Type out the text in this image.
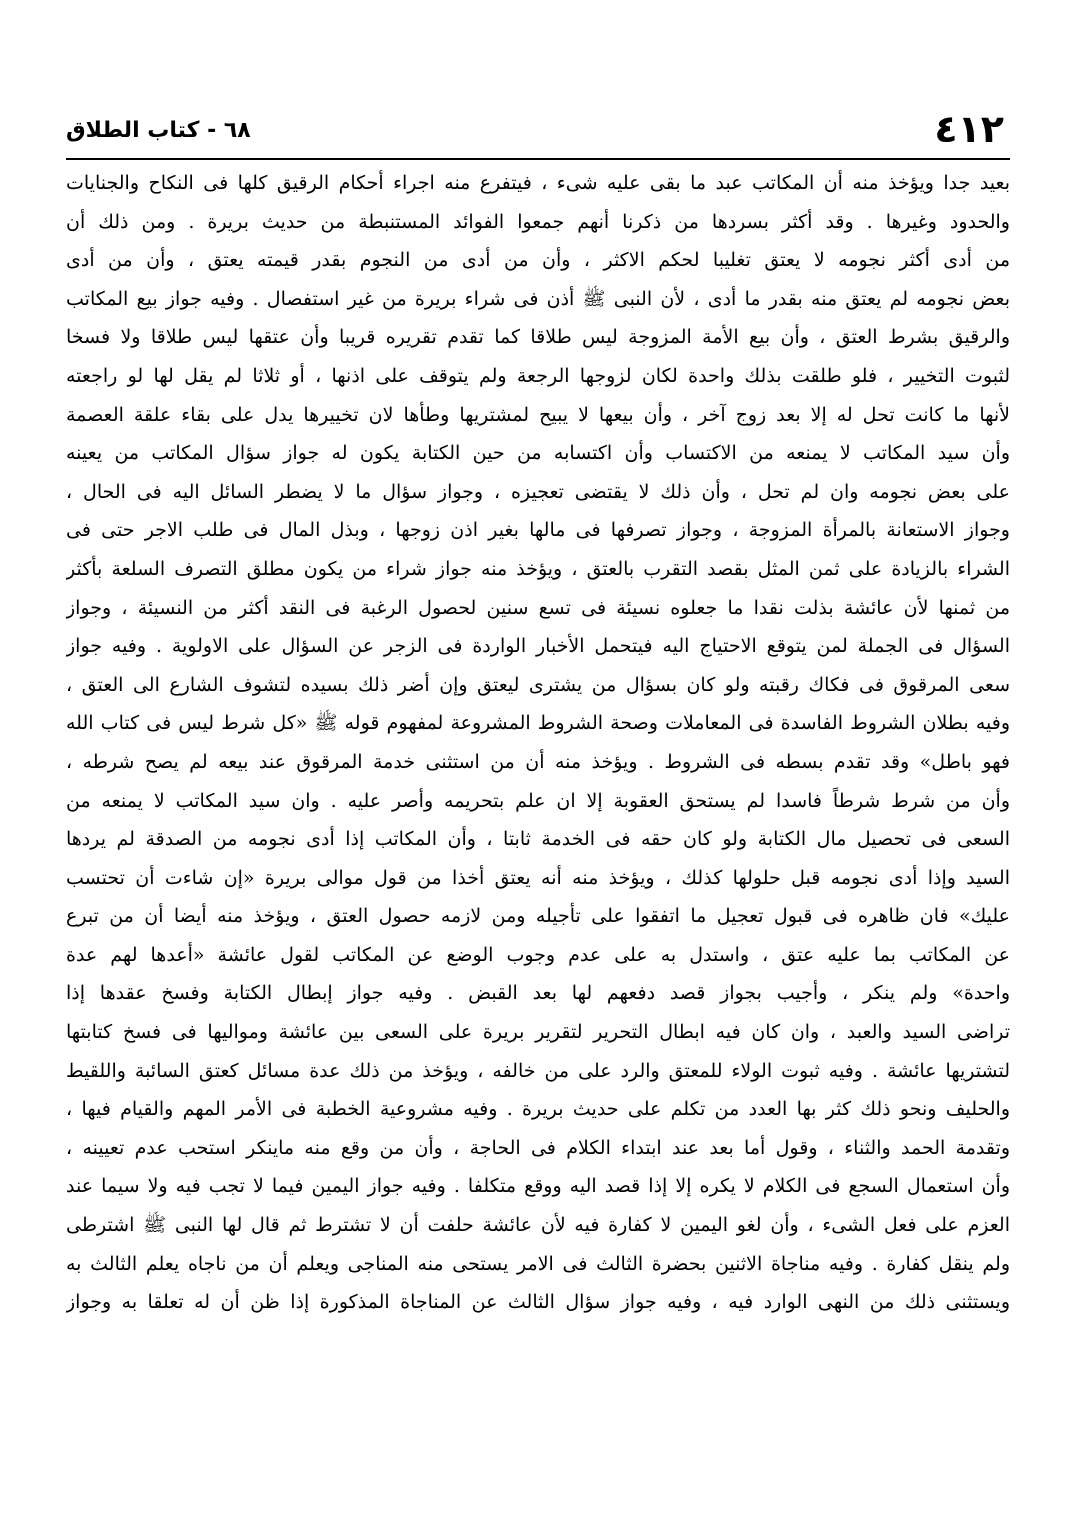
٤١٢
٦٨ - كتاب الطلاق
بعيد جدا ويؤخذ منه أن المكاتب عبد ما بقى عليه شىء ، فيتفرع منه اجراء أحكام الرقيق كلها فى النكاح والجنايات
والحدود وغيرها . وقد أكثر بسردها من ذكرنا أنهم جمعوا الفوائد المستنبطة من حديث بريرة . ومن ذلك أن
من أدى أكثر نجومه لا يعتق تغليبا لحكم الاكثر ، وأن من أدى من النجوم بقدر قيمته يعتق ، وأن من أدى
بعض نجومه لم يعتق منه بقدر ما أدى ، لأن النبى ﷺ أذن فى شراء بريرة من غير استفصال . وفيه جواز بيع المكاتب
والرقيق بشرط العتق ، وأن بيع الأمة المزوجة ليس طلاقا كما تقدم تقريره قريبا وأن عتقها ليس طلاقا ولا فسخا
لثبوت التخيير ، فلو طلقت بذلك واحدة لكان لزوجها الرجعة ولم يتوقف على اذنها ، أو ثلاثا لم يقل لها لو راجعته
لأنها ما كانت تحل له إلا بعد زوج آخر ، وأن بيعها لا يبيح لمشتريها وطأها لان تخييرها يدل على بقاء علقة العصمة
وأن سيد المكاتب لا يمنعه من الاكتساب وأن اكتسابه من حين الكتابة يكون له جواز سؤال المكاتب من يعينه
على بعض نجومه وان لم تحل ، وأن ذلك لا يقتضى تعجيزه ، وجواز سؤال ما لا يضطر السائل اليه فى الحال ،
وجواز الاستعانة بالمرأة المزوجة ، وجواز تصرفها فى مالها بغير اذن زوجها ، وبذل المال فى طلب الاجر حتى فى
الشراء بالزيادة على ثمن المثل بقصد التقرب بالعتق ، ويؤخذ منه جواز شراء من يكون مطلق التصرف السلعة بأكثر
من ثمنها لأن عائشة بذلت نقدا ما جعلوه نسيئة فى تسع سنين لحصول الرغبة فى النقد أكثر من النسيئة ، وجواز
السؤال فى الجملة لمن يتوقع الاحتياج اليه فيتحمل الأخبار الواردة فى الزجر عن السؤال على الاولوية . وفيه جواز
سعى المرقوق فى فكاك رقبته ولو كان بسؤال من يشترى ليعتق وإن أضر ذلك بسيده لتشوف الشارع الى العتق ،
وفيه بطلان الشروط الفاسدة فى المعاملات وصحة الشروط المشروعة لمفهوم قوله ﷺ «كل شرط ليس فى كتاب الله
فهو باطل» وقد تقدم بسطه فى الشروط . ويؤخذ منه أن من استثنى خدمة المرقوق عند بيعه لم يصح شرطه ،
وأن من شرط شرطاً فاسدا لم يستحق العقوبة إلا ان علم بتحريمه وأصر عليه . وان سيد المكاتب لا يمنعه من
السعى فى تحصيل مال الكتابة ولو كان حقه فى الخدمة ثابتا ، وأن المكاتب إذا أدى نجومه من الصدقة لم يردها
السيد وإذا أدى نجومه قبل حلولها كذلك ، ويؤخذ منه أنه يعتق أخذا من قول موالى بريرة «إن شاءت أن تحتسب
عليك» فان ظاهره فى قبول تعجيل ما اتفقوا على تأجيله ومن لازمه حصول العتق ، ويؤخذ منه أيضا أن من تبرع
عن المكاتب بما عليه عتق ، واستدل به على عدم وجوب الوضع عن المكاتب لقول عائشة «أعدها لهم عدة
واحدة» ولم ينكر ، وأجيب بجواز قصد دفعهم لها بعد القبض . وفيه جواز إبطال الكتابة وفسخ عقدها إذا
تراضى السيد والعبد ، وان كان فيه ابطال التحرير لتقرير بريرة على السعى بين عائشة ومواليها فى فسخ كتابتها
لتشتريها عائشة . وفيه ثبوت الولاء للمعتق والرد على من خالفه ، ويؤخذ من ذلك عدة مسائل كعتق السائبة واللقيط
والحليف ونحو ذلك كثر بها العدد من تكلم على حديث بريرة . وفيه مشروعية الخطبة فى الأمر المهم والقيام فيها ،
وتقدمة الحمد والثناء ، وقول أما بعد عند ابتداء الكلام فى الحاجة ، وأن من وقع منه ماينكر استحب عدم تعيينه ،
وأن استعمال السجع فى الكلام لا يكره إلا إذا قصد اليه ووقع متكلفا . وفيه جواز اليمين فيما لا تجب فيه ولا سيما عند
العزم على فعل الشىء ، وأن لغو اليمين لا كفارة فيه لأن عائشة حلفت أن لا تشترط ثم قال لها النبى ﷺ اشترطى
ولم ينقل كفارة . وفيه مناجاة الاثنين بحضرة الثالث فى الامر يستحى منه المناجى ويعلم أن من ناجاه يعلم الثالث به
ويستثنى ذلك من النهى الوارد فيه ، وفيه جواز سؤال الثالث عن المناجاة المذكورة إذا ظن أن له تعلقا به وجواز
